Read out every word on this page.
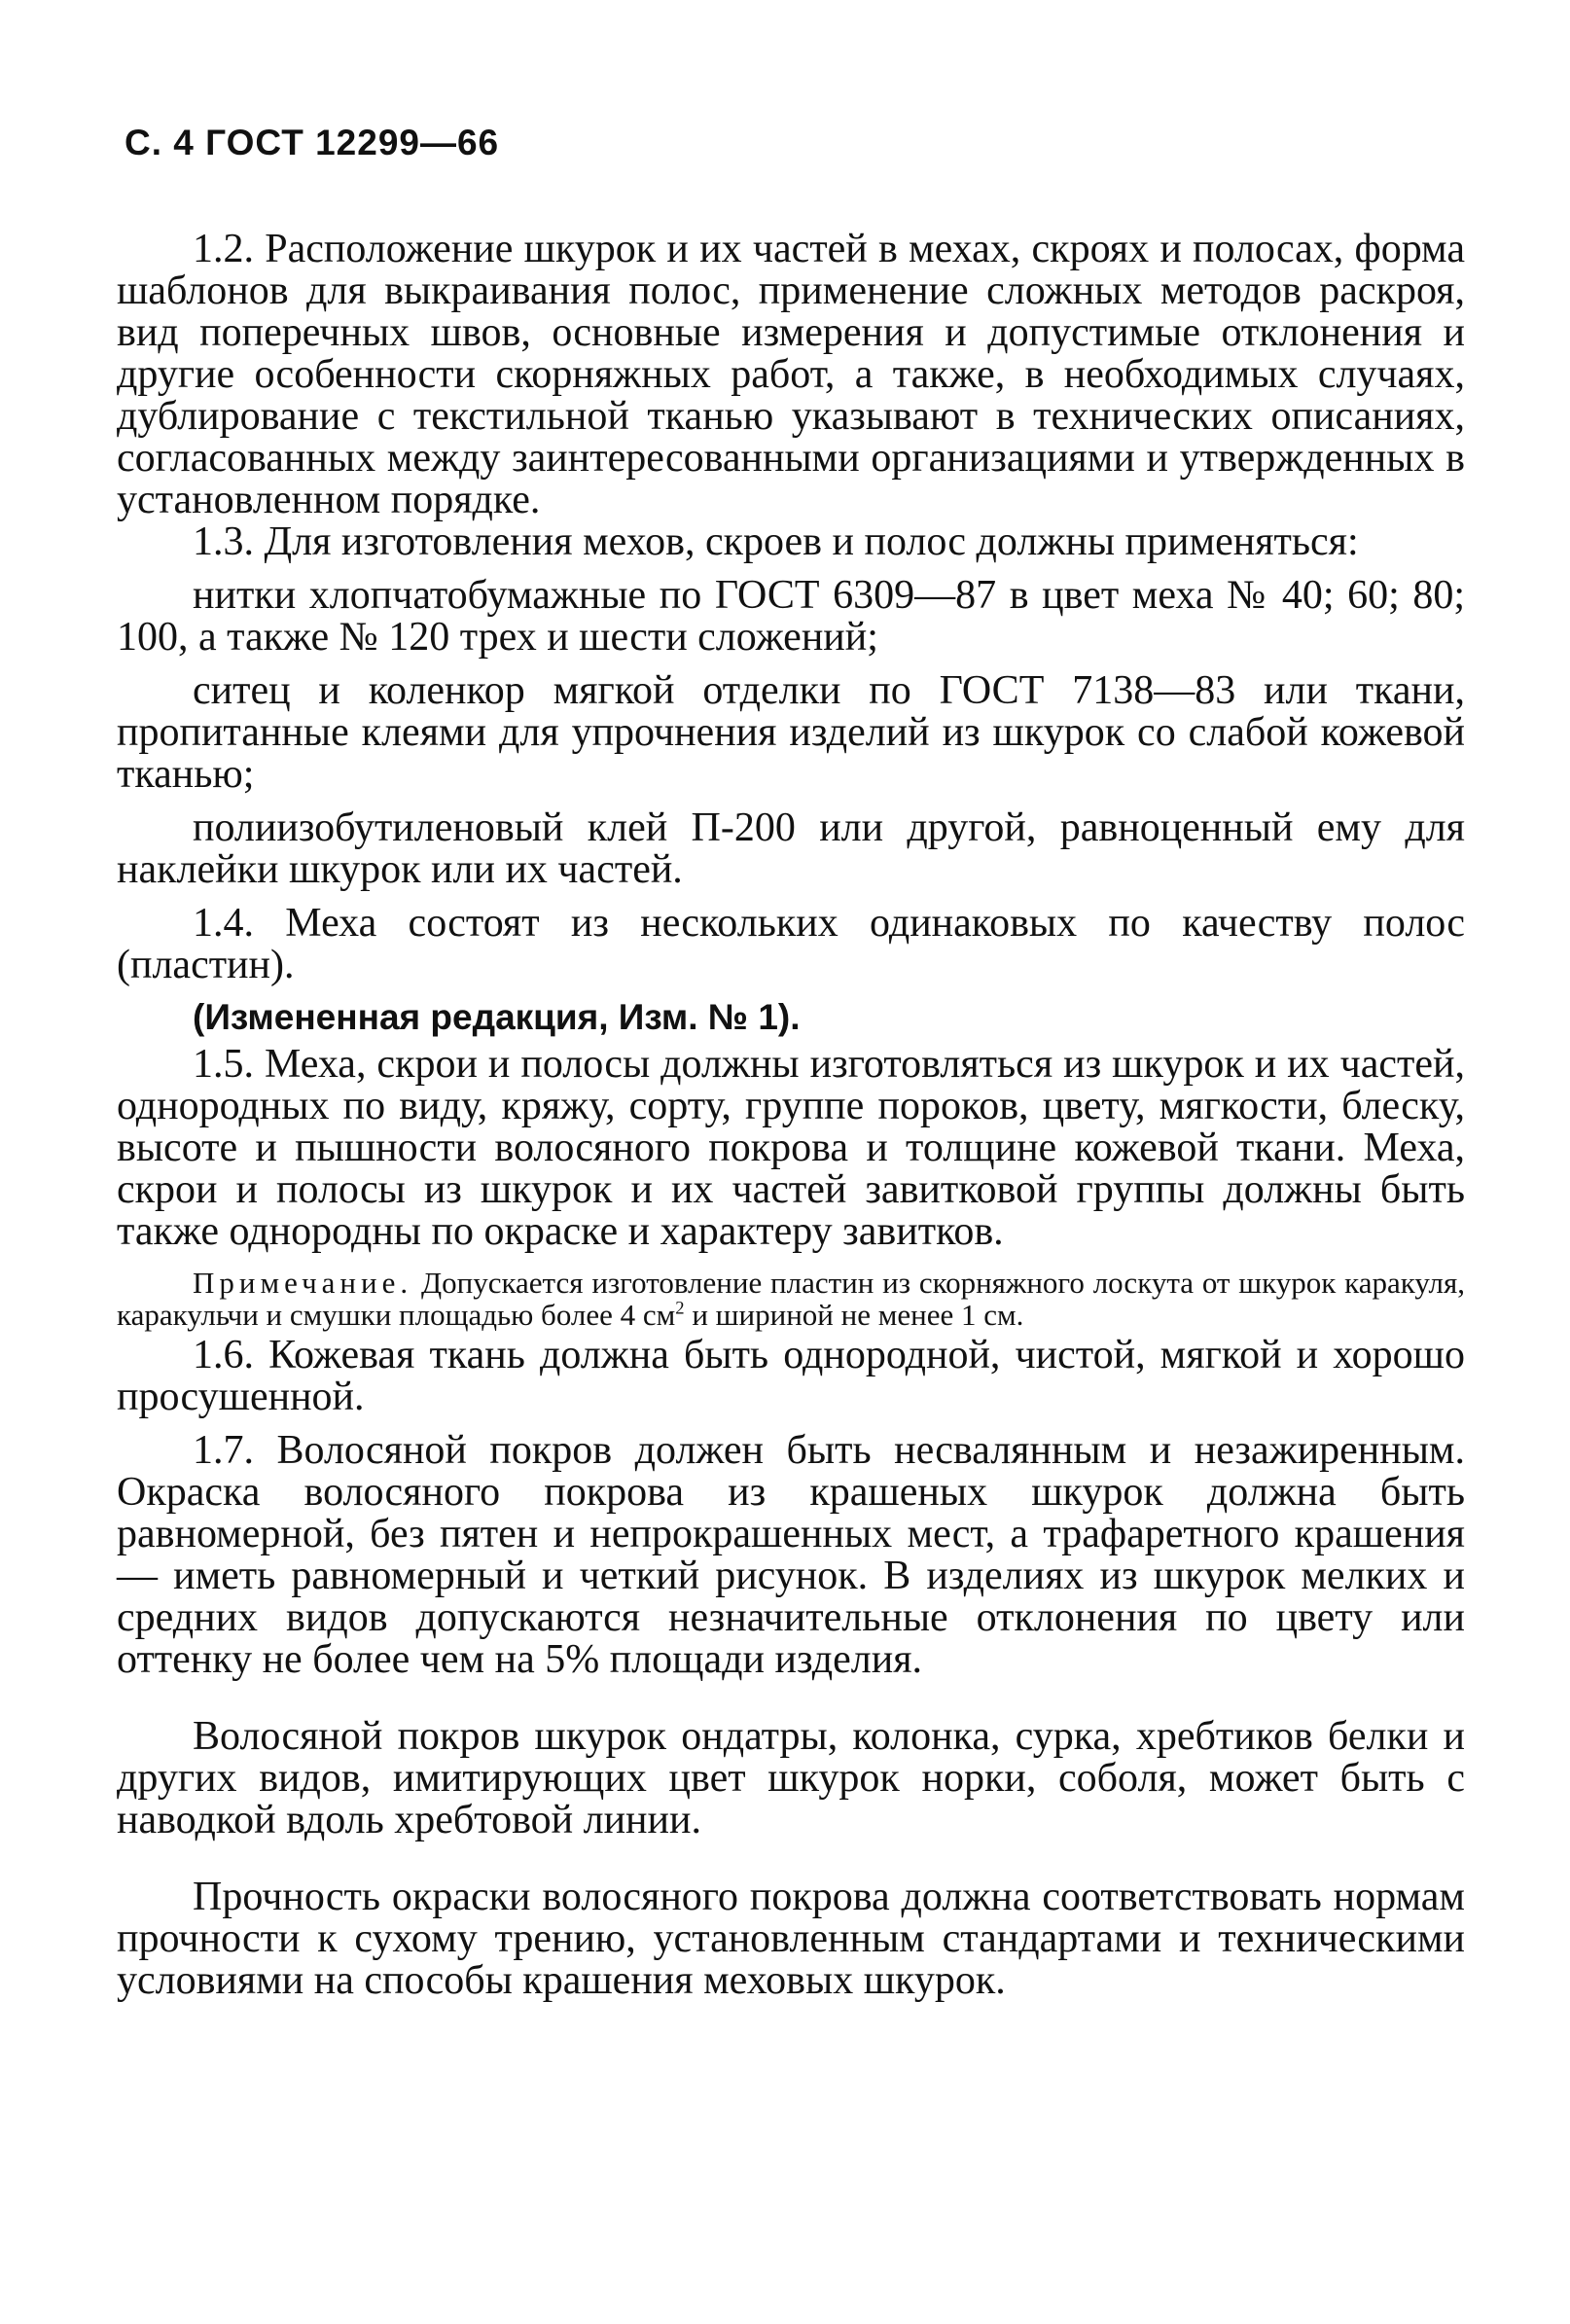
С. 4 ГОСТ 12299—66

1.2. Расположение шкурок и их частей в мехах, скроях и полосах, форма шаблонов для выкраивания полос, применение сложных методов раскроя, вид поперечных швов, основные измерения и допустимые отклонения и другие особенности скорняжных работ, а также, в необходимых случаях, дублирование с текстильной тканью указывают в технических описаниях, согласованных между заинтересованными организациями и утвержденных в установленном порядке.

1.3. Для изготовления мехов, скроев и полос должны применяться:

нитки хлопчатобумажные по ГОСТ 6309—87 в цвет меха № 40; 60; 80; 100, а также № 120 трех и шести сложений;

ситец и коленкор мягкой отделки по ГОСТ 7138—83 или ткани, пропитанные клеями для упрочнения изделий из шкурок со слабой кожевой тканью;

полиизобутиленовый клей П-200 или другой, равноценный ему для наклейки шкурок или их частей.

1.4. Меха состоят из нескольких одинаковых по качеству полос (пластин).

(Измененная редакция, Изм. № 1).

1.5. Меха, скрои и полосы должны изготовляться из шкурок и их частей, однородных по виду, кряжу, сорту, группе пороков, цвету, мягкости, блеску, высоте и пышности волосяного покрова и толщине кожевой ткани. Меха, скрои и полосы из шкурок и их частей завитковой группы должны быть также однородны по окраске и характеру завитков.

Примечание. Допускается изготовление пластин из скорняжного лоскута от шкурок каракуля, каракульчи и смушки площадью более 4 $см^2$ и шириной не менее 1 см.

1.6. Кожевая ткань должна быть однородной, чистой, мягкой и хорошо просушенной.

1.7. Волосяной покров должен быть несвалянным и незажиренным. Окраска волосяного покрова из крашеных шкурок должна быть равномерной, без пятен и непрокрашенных мест, а трафаретного крашения — иметь равномерный и четкий рисунок. В изделиях из шкурок мелких и средних видов допускаются незначительные отклонения по цвету или оттенку не более чем на 5% площади изделия.

Волосяной покров шкурок ондатры, колонка, сурка, хребтиков белки и других видов, имитирующих цвет шкурок норки, соболя, может быть с наводкой вдоль хребтовой линии.

Прочность окраски волосяного покрова должна соответствовать нормам прочности к сухому трению, установленным стандартами и техническими условиями на способы крашения меховых шкурок.
